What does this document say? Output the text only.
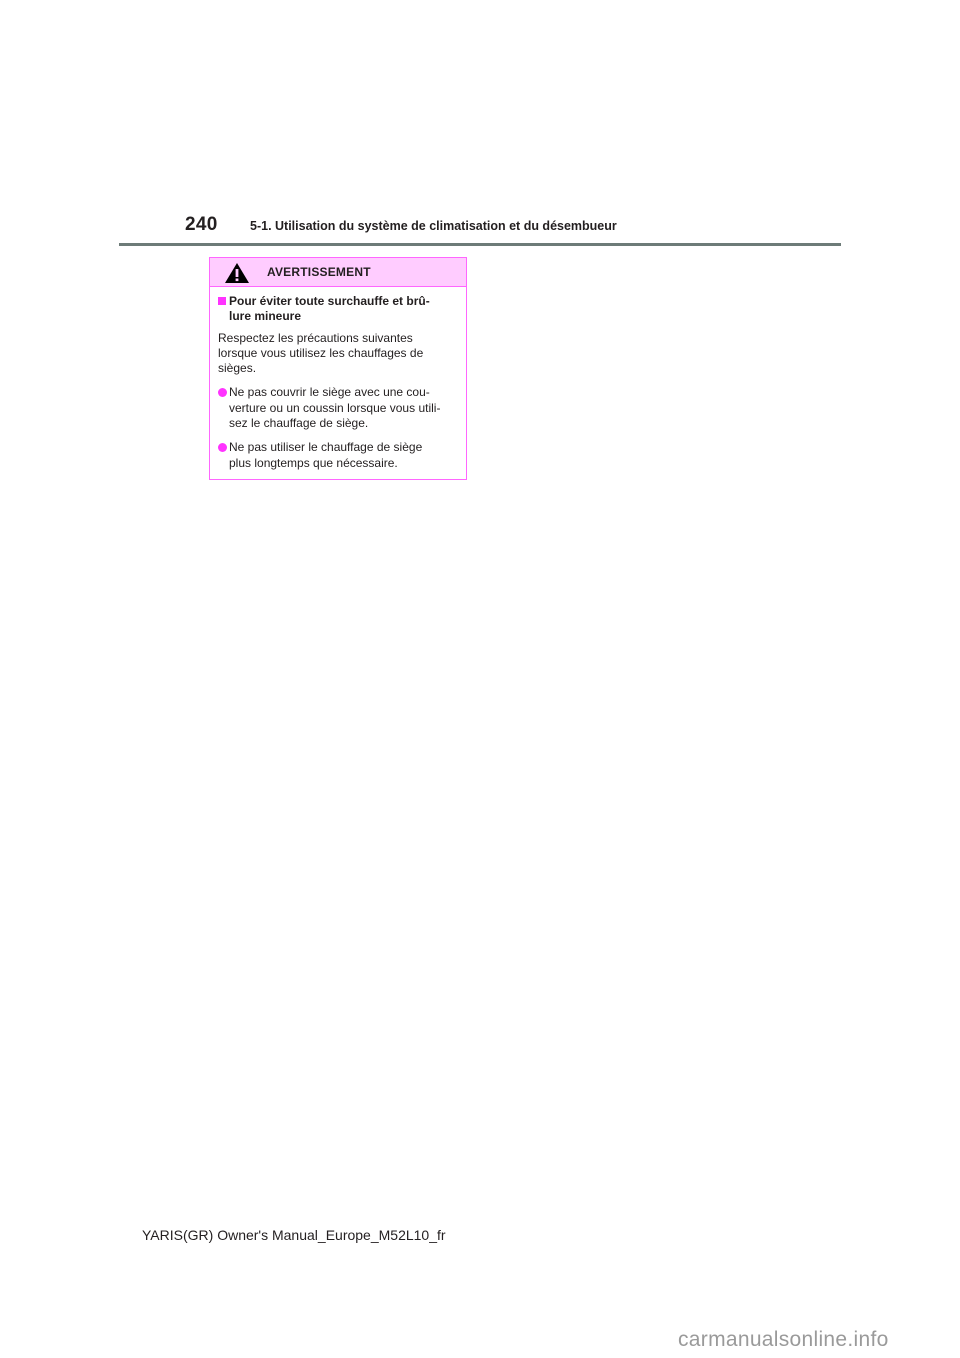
240	5-1. Utilisation du système de climatisation et du désembueur
AVERTISSEMENT
Pour éviter toute surchauffe et brû-
lure mineure
Respectez les précautions suivantes
lorsque vous utilisez les chauffages de
sièges.
Ne pas couvrir le siège avec une cou-
verture ou un coussin lorsque vous utili-
sez le chauffage de siège.
Ne pas utiliser le chauffage de siège
plus longtemps que nécessaire.
YARIS(GR) Owner's Manual_Europe_M52L10_fr
carmanualsonline.info
